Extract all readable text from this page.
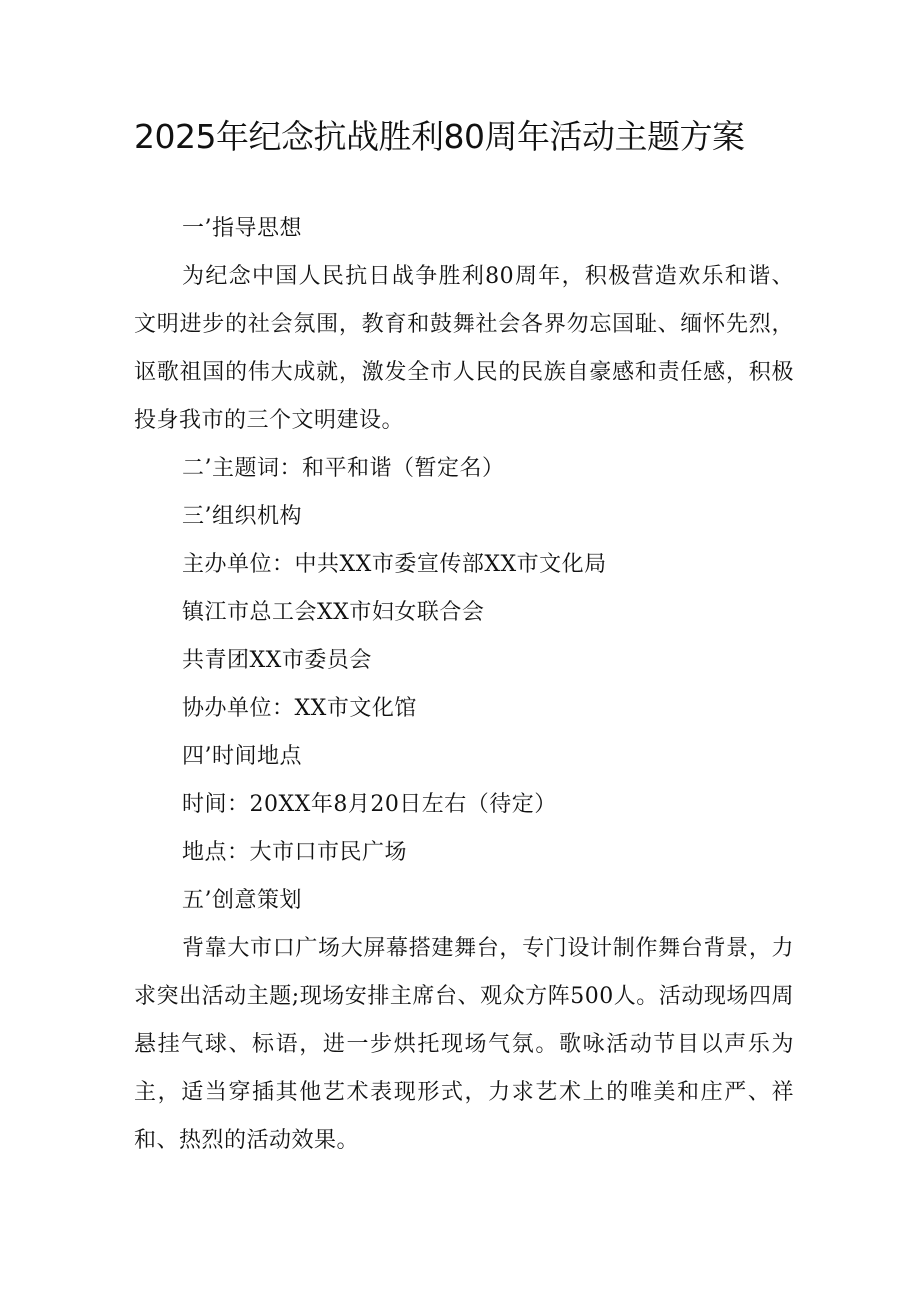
2025年纪念抗战胜利80周年活动主题方案

一’指导思想

为纪念中国人民抗日战争胜利80周年，积极营造欢乐和谐、文明进步的社会氛围，教育和鼓舞社会各界勿忘国耻、缅怀先烈，讴歌祖国的伟大成就，激发全市人民的民族自豪感和责任感，积极投身我市的三个文明建设。

二’主题词：和平和谐（暂定名）

三’组织机构

主办单位：中共XX市委宣传部XX市文化局

镇江市总工会XX市妇女联合会

共青团XX市委员会

协办单位：XX市文化馆

四’时间地点

时间：20XX年8月20日左右（待定）

地点：大市口市民广场

五’创意策划

背靠大市口广场大屏幕搭建舞台，专门设计制作舞台背景，力求突出活动主题;现场安排主席台、观众方阵500人。活动现场四周悬挂气球、标语，进一步烘托现场气氛。歌咏活动节目以声乐为主，适当穿插其他艺术表现形式，力求艺术上的唯美和庄严、祥和、热烈的活动效果。
